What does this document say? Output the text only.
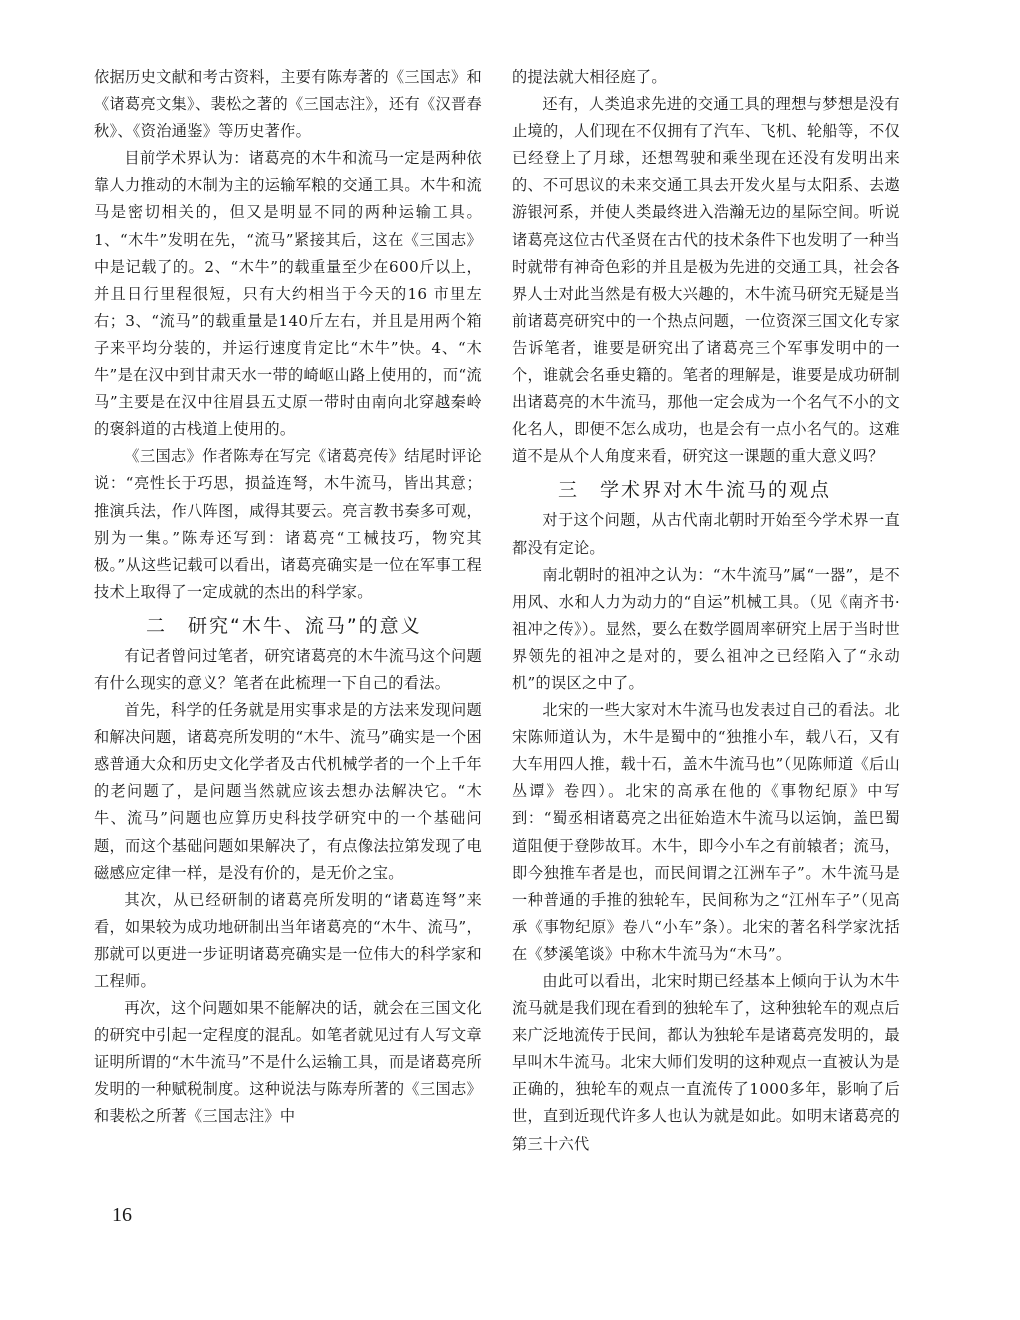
依据历史文献和考古资料，主要有陈寿著的《三国志》和《诸葛亮文集》、裴松之著的《三国志注》，还有《汉晋春秋》、《资治通鉴》等历史著作。

目前学术界认为：诸葛亮的木牛和流马一定是两种依靠人力推动的木制为主的运输军粮的交通工具。木牛和流马是密切相关的，但又是明显不同的两种运输工具。1、“木牛”发明在先，“流马”紧接其后，这在《三国志》中是记载了的。2、“木牛”的载重量至少在600斤以上，并且日行里程很短，只有大约相当于今天的16 市里左右；3、“流马”的载重量是140斤左右，并且是用两个箱子来平均分装的，并运行速度肯定比“木牛”快。4、“木牛”是在汉中到甘肃天水一带的崎岖山路上使用的，而“流马”主要是在汉中往眉县五丈原一带时由南向北穿越秦岭的褒斜道的古栈道上使用的。

《三国志》作者陈寿在写完《诸葛亮传》结尾时评论说：“亮性长于巧思，损益连弩，木牛流马，皆出其意；推演兵法，作八阵图，咸得其要云。亮言教书奏多可观，别为一集。”陈寿还写到：诸葛亮“工械技巧，物究其极。”从这些记载可以看出，诸葛亮确实是一位在军事工程技术上取得了一定成就的杰出的科学家。

二　研究“木牛、流马”的意义

有记者曾问过笔者，研究诸葛亮的木牛流马这个问题有什么现实的意义？笔者在此梳理一下自己的看法。

首先，科学的任务就是用实事求是的方法来发现问题和解决问题，诸葛亮所发明的“木牛、流马”确实是一个困惑普通大众和历史文化学者及古代机械学者的一个上千年的老问题了，是问题当然就应该去想办法解决它。“木牛、流马”问题也应算历史科技学研究中的一个基础问题，而这个基础问题如果解决了，有点像法拉第发现了电磁感应定律一样，是没有价的，是无价之宝。

其次，从已经研制的诸葛亮所发明的“诸葛连弩”来看，如果较为成功地研制出当年诸葛亮的“木牛、流马”，那就可以更进一步证明诸葛亮确实是一位伟大的科学家和工程师。

再次，这个问题如果不能解决的话，就会在三国文化的研究中引起一定程度的混乱。如笔者就见过有人写文章证明所谓的“木牛流马”不是什么运输工具，而是诸葛亮所发明的一种赋税制度。这种说法与陈寿所著的《三国志》和裴松之所著《三国志注》中

的提法就大相径庭了。

还有，人类追求先进的交通工具的理想与梦想是没有止境的，人们现在不仅拥有了汽车、飞机、轮船等，不仅已经登上了月球，还想驾驶和乘坐现在还没有发明出来的、不可思议的未来交通工具去开发火星与太阳系、去遨游银河系，并使人类最终进入浩瀚无边的星际空间。听说诸葛亮这位古代圣贤在古代的技术条件下也发明了一种当时就带有神奇色彩的并且是极为先进的交通工具，社会各界人士对此当然是有极大兴趣的，木牛流马研究无疑是当前诸葛亮研究中的一个热点问题，一位资深三国文化专家告诉笔者，谁要是研究出了诸葛亮三个军事发明中的一个，谁就会名垂史籍的。笔者的理解是，谁要是成功研制出诸葛亮的木牛流马，那他一定会成为一个名气不小的文化名人，即便不怎么成功，也是会有一点小名气的。这难道不是从个人角度来看，研究这一课题的重大意义吗？

三　学术界对木牛流马的观点

对于这个问题，从古代南北朝时开始至今学术界一直都没有定论。

南北朝时的祖冲之认为：“木牛流马”属“一器”，是不用风、水和人力为动力的“自运”机械工具。（见《南齐书·祖冲之传》）。显然，要么在数学圆周率研究上居于当时世界领先的祖冲之是对的，要么祖冲之已经陷入了“永动机”的误区之中了。

北宋的一些大家对木牛流马也发表过自己的看法。北宋陈师道认为，木牛是蜀中的“独推小车，载八石，又有大车用四人推，载十石，盖木牛流马也”（见陈师道《后山丛谭》卷四）。北宋的高承在他的《事物纪原》中写到：“蜀丞相诸葛亮之出征始造木牛流马以运饷，盖巴蜀道阻便于登陟故耳。木牛，即今小车之有前辕者；流马，即今独推车者是也，而民间谓之江洲车子”。木牛流马是一种普通的手推的独轮车，民间称为之“江州车子”（见高承《事物纪原》卷八“小车”条）。北宋的著名科学家沈括在《梦溪笔谈》中称木牛流马为“木马”。

由此可以看出，北宋时期已经基本上倾向于认为木牛流马就是我们现在看到的独轮车了，这种独轮车的观点后来广泛地流传于民间，都认为独轮车是诸葛亮发明的，最早叫木牛流马。北宋大师们发明的这种观点一直被认为是正确的，独轮车的观点一直流传了1000多年，影响了后世，直到近现代许多人也认为就是如此。如明末诸葛亮的第三十六代

16
